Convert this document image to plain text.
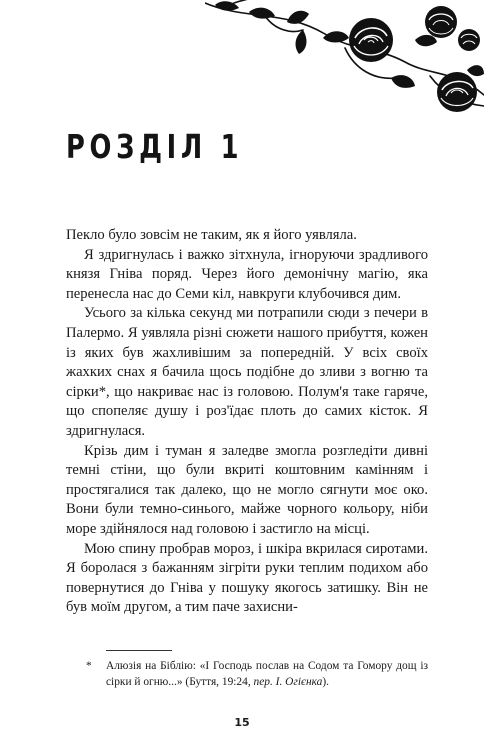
РОЗДІЛ 1

Пекло було зовсім не таким, як я його уявляла.

Я здригнулась і важко зітхнула, ігноруючи зрадливого князя Гніва поряд. Через його демонічну магію, яка перенесла нас до Семи кіл, навкруги клубочився дим.

Усього за кілька секунд ми потрапили сюди з печери в Палермо. Я уявляла різні сюжети нашого прибуття, кожен із яких був жахливішим за попередній. У всіх своїх жахких снах я бачила щось подібне до зливи з вогню та сірки*, що накриває нас із головою. Полум'я таке гаряче, що спопеляє душу і роз'їдає плоть до самих кісток. Я здригнулася.

Крізь дим і туман я заледве змогла розгледіти дивні темні стіни, що були вкриті коштовним камінням і простягалися так далеко, що не могло сягнути моє око. Вони були темно-синього, майже чорного кольору, ніби море здійнялося над головою і застигло на місці.

Мою спину пробрав мороз, і шкіра вкрилася сиротами. Я боролася з бажанням зігріти руки теплим подихом або повернутися до Гніва у пошуку якогось затишку. Він не був моїм другом, а тим паче захисни-

* Алюзія на Біблію: «І Господь послав на Содом та Гомору дощ із сірки й огню...» (Буття, 19:24, пер. І. Огієнка).
15
